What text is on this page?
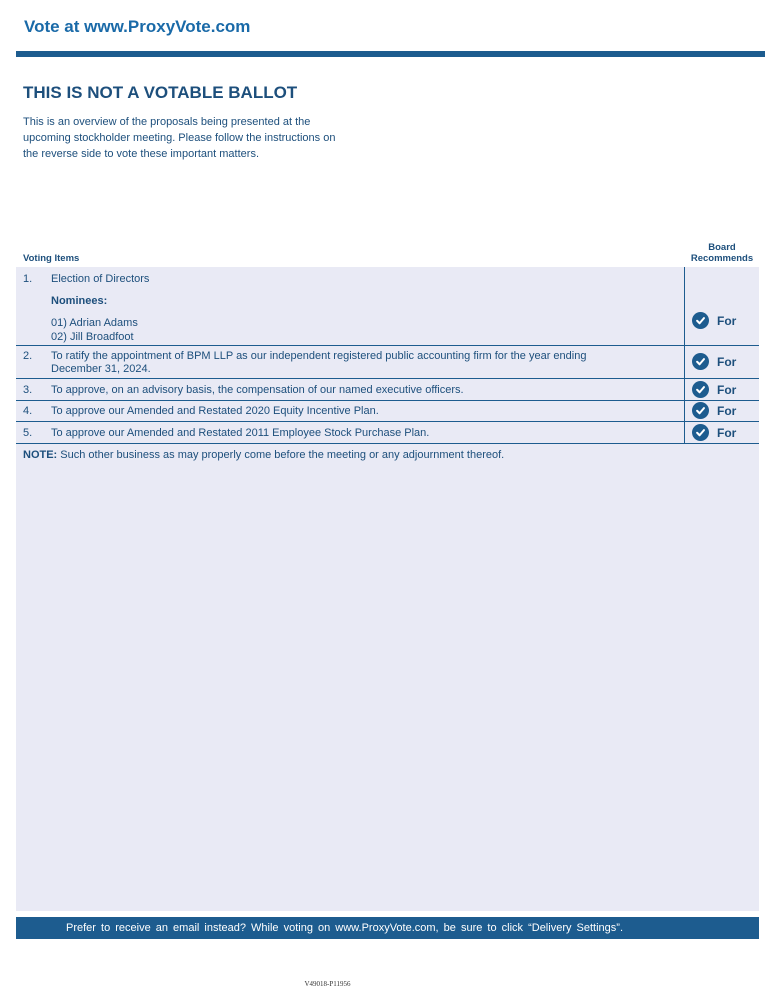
Vote at www.ProxyVote.com
THIS IS NOT A VOTABLE BALLOT
This is an overview of the proposals being presented at the
upcoming stockholder meeting. Please follow the instructions on
the reverse side to vote these important matters.
Voting Items
Board
Recommends
1. Election of Directors
Nominees:
01) Adrian Adams
02) Jill Broadfoot
For
2. To ratify the appointment of BPM LLP as our independent registered public accounting firm for the year ending
December 31, 2024.
For
3. To approve, on an advisory basis, the compensation of our named executive officers.	For
4. To approve our Amended and Restated 2020 Equity Incentive Plan.	For
5. To approve our Amended and Restated 2011 Employee Stock Purchase Plan.	For
NOTE: Such other business as may properly come before the meeting or any adjournment thereof.
Prefer to receive an email instead? While voting on www.ProxyVote.com, be sure to click “Delivery Settings”.
V49018-P11956
